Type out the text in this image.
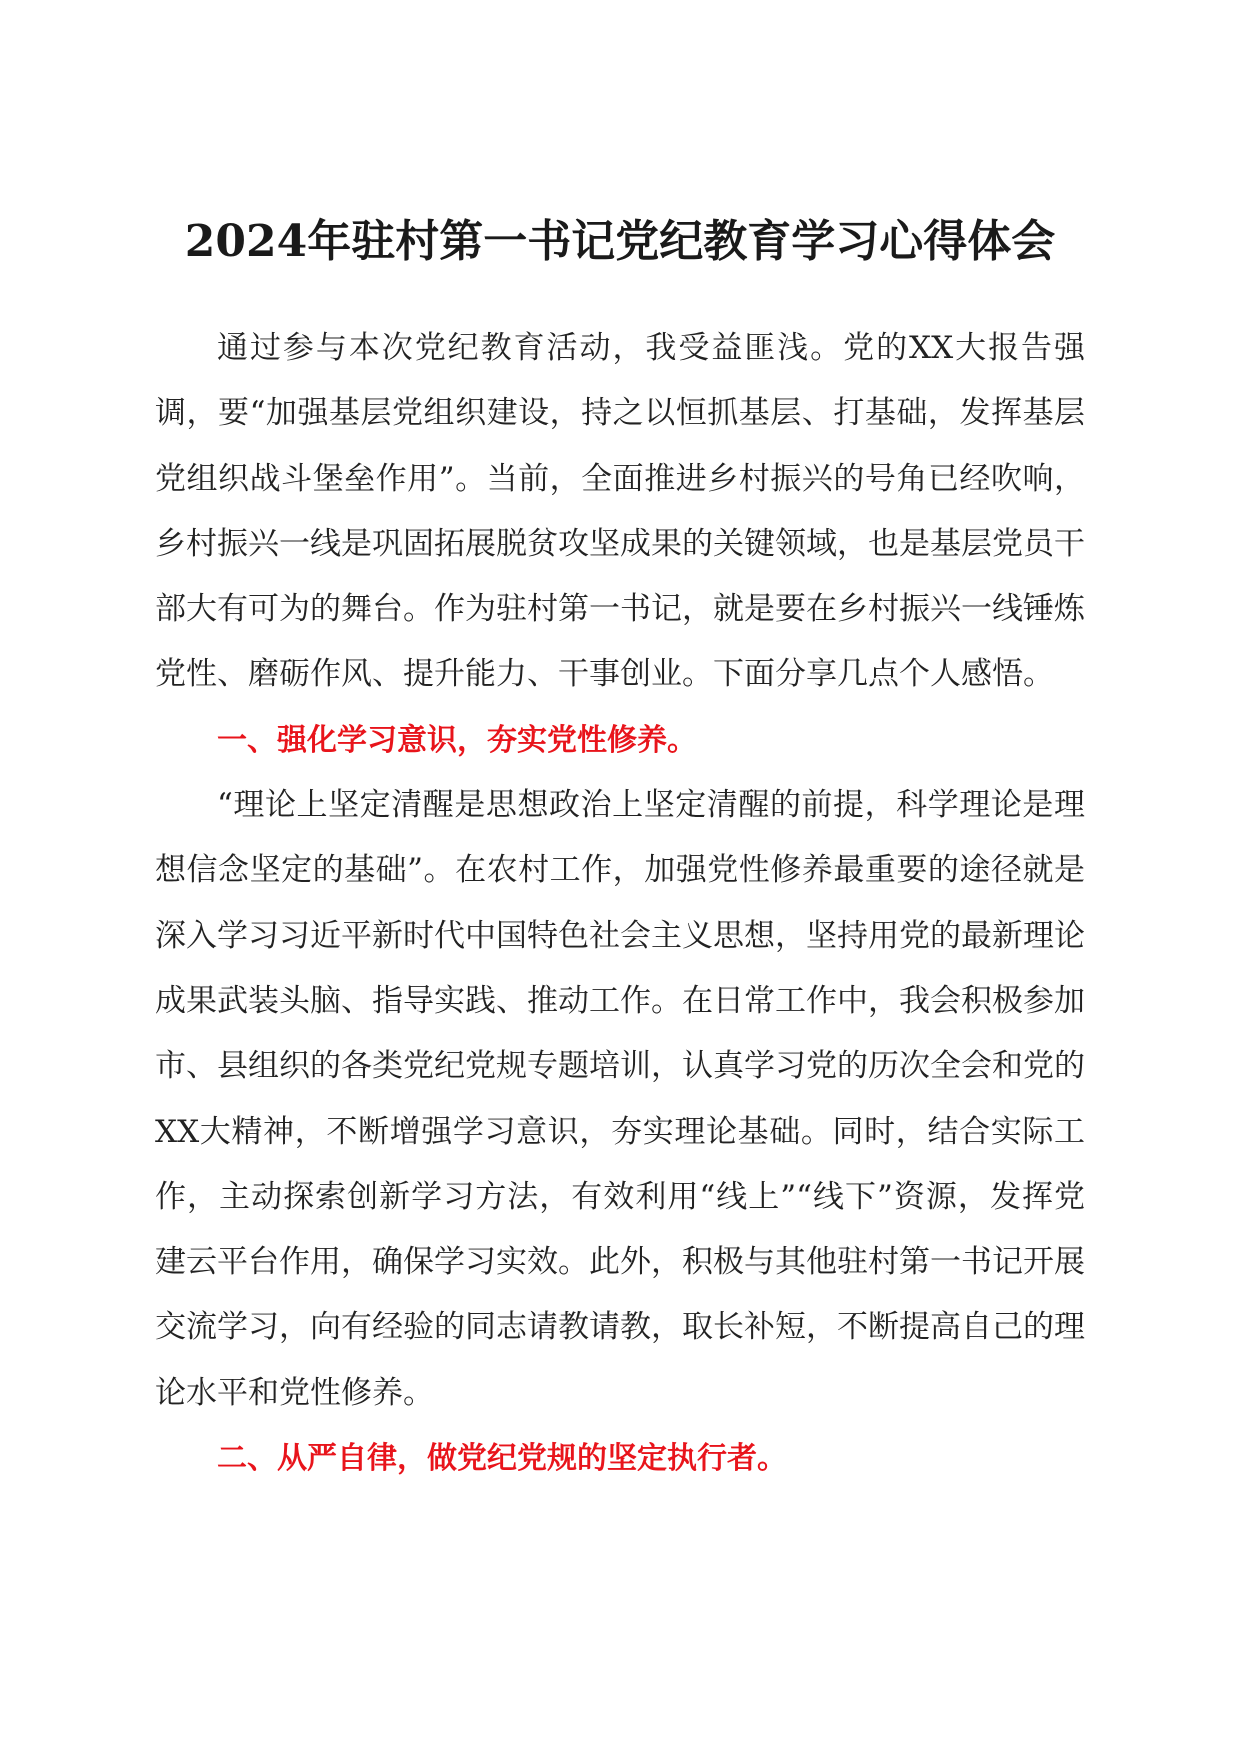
2024年驻村第一书记党纪教育学习心得体会

通过参与本次党纪教育活动，我受益匪浅。党的XX大报告强调，要“加强基层党组织建设，持之以恒抓基层、打基础，发挥基层党组织战斗堡垒作用”。当前，全面推进乡村振兴的号角已经吹响，乡村振兴一线是巩固拓展脱贫攻坚成果的关键领域，也是基层党员干部大有可为的舞台。作为驻村第一书记，就是要在乡村振兴一线锤炼党性、磨砺作风、提升能力、干事创业。下面分享几点个人感悟。

一、强化学习意识，夯实党性修养。

“理论上坚定清醒是思想政治上坚定清醒的前提，科学理论是理想信念坚定的基础”。在农村工作，加强党性修养最重要的途径就是深入学习习近平新时代中国特色社会主义思想，坚持用党的最新理论成果武装头脑、指导实践、推动工作。在日常工作中，我会积极参加市、县组织的各类党纪党规专题培训，认真学习党的历次全会和党的XX大精神，不断增强学习意识，夯实理论基础。同时，结合实际工作，主动探索创新学习方法，有效利用“线上”“线下”资源，发挥党建云平台作用，确保学习实效。此外，积极与其他驻村第一书记开展交流学习，向有经验的同志请教请教，取长补短，不断提高自己的理论水平和党性修养。

二、从严自律，做党纪党规的坚定执行者。
